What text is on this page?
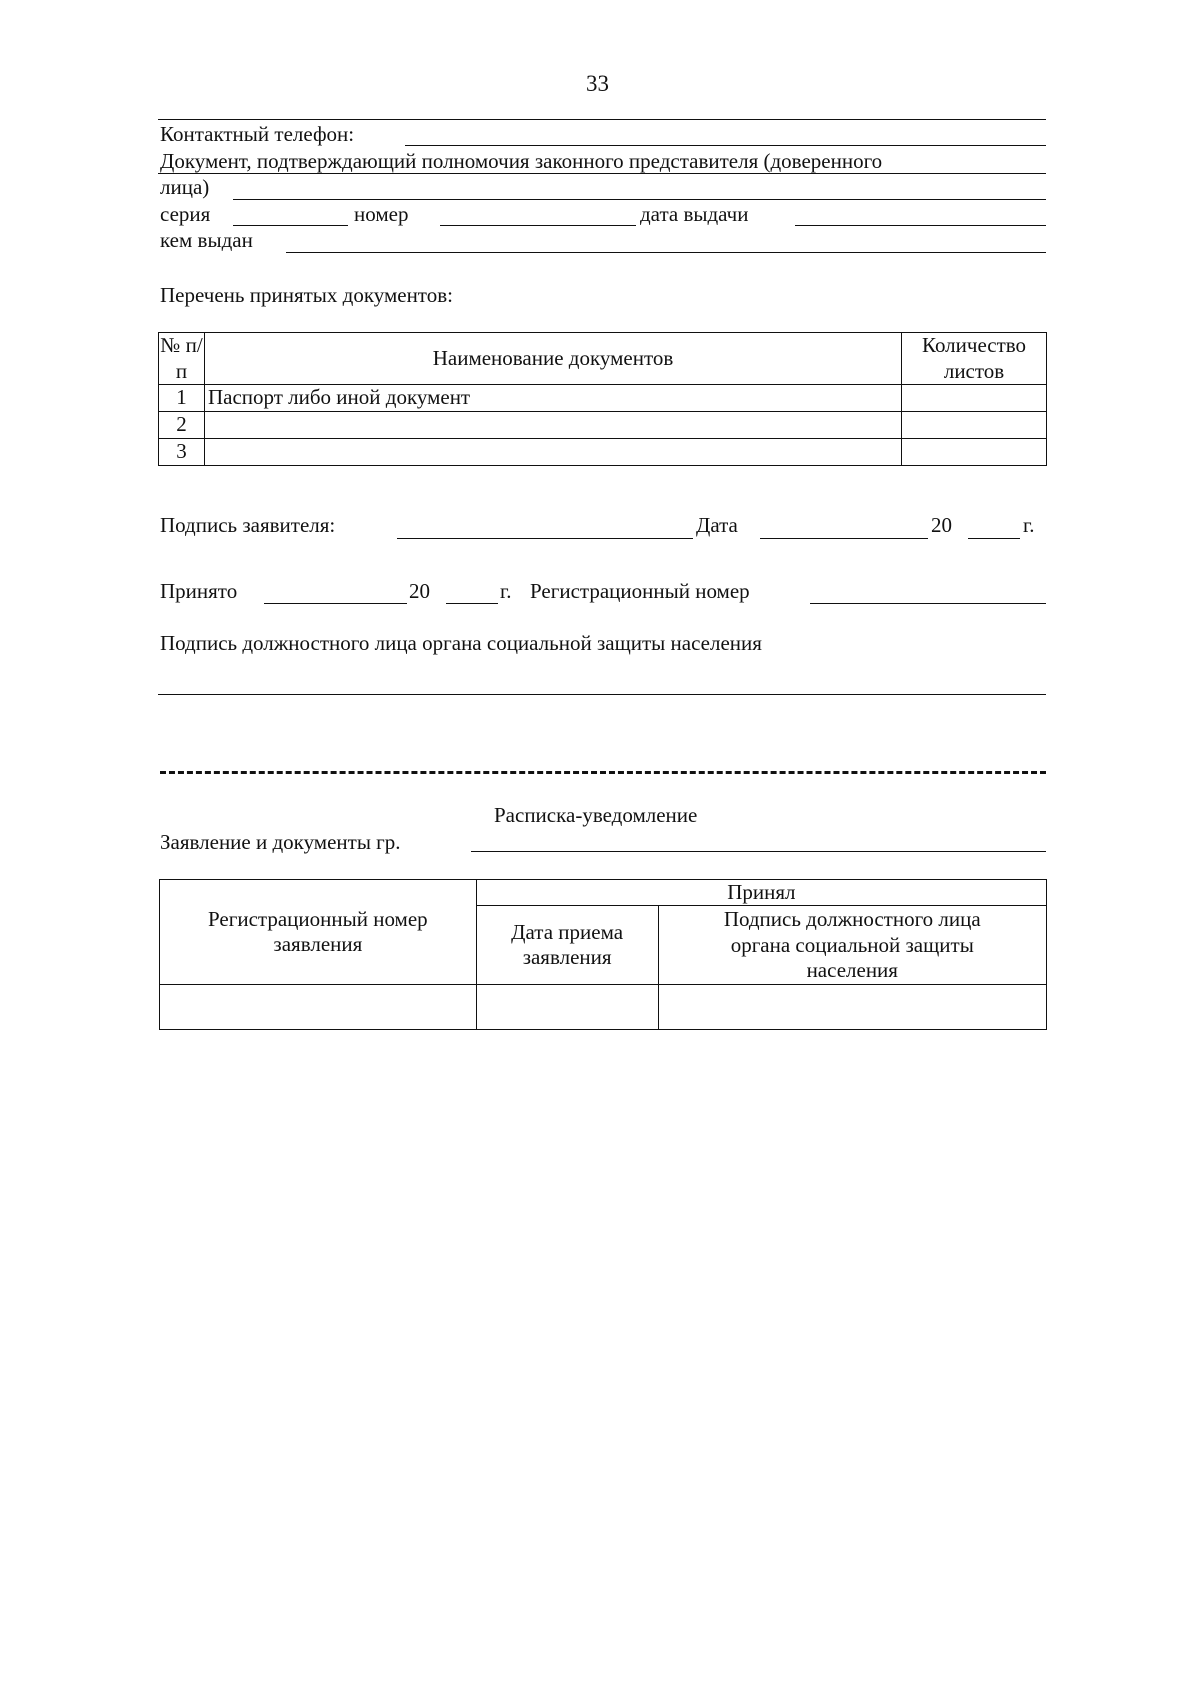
33
Контактный телефон:
Документ, подтверждающий полномочия законного представителя (доверенного
лица)
серия	номер	дата выдачи
кем выдан
Перечень принятых документов:
№ п/п	Наименование документов	Количество листов
1	Паспорт либо иной документ	
2		
3		
Подпись заявителя:	Дата	20	г.
Принято	20	г. Регистрационный номер
Подпись должностного лица органа социальной защиты населения
Расписка-уведомление
Заявление и документы гр.
Регистрационный номер заявления	Принял	
	Дата приема заявления	Подпись должностного лица органа социальной защиты населения
